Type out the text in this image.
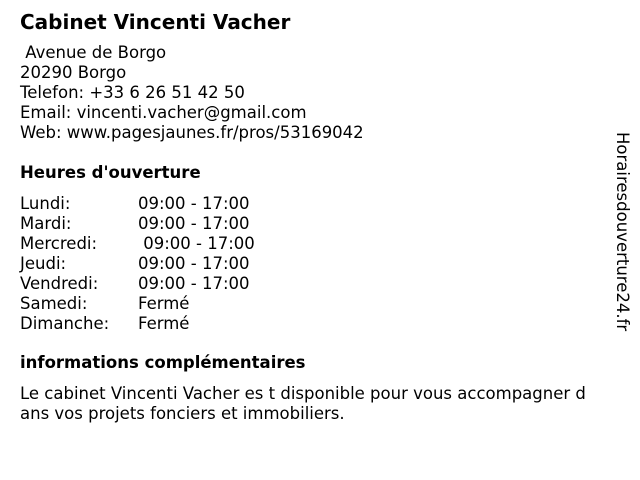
Cabinet Vincenti Vacher
Avenue de Borgo
20290 Borgo
Telefon: +33 6 26 51 42 50
Email: vincenti.vacher@gmail.com
Web: www.pagesjaunes.fr/pros/53169042
Heures d'ouverture
Lundi:	09:00 - 17:00
Mardi:	09:00 - 17:00
Mercredi: 09:00 - 17:00
Jeudi:	09:00 - 17:00
Vendredi: 09:00 - 17:00
Samedi:	Fermé
Dimanche: Fermé
informations complémentaires
Le cabinet Vincenti Vacher es t disponible pour vous accompagner d
ans vos projets fonciers et immobiliers.
Horairesdouverture24.fr
